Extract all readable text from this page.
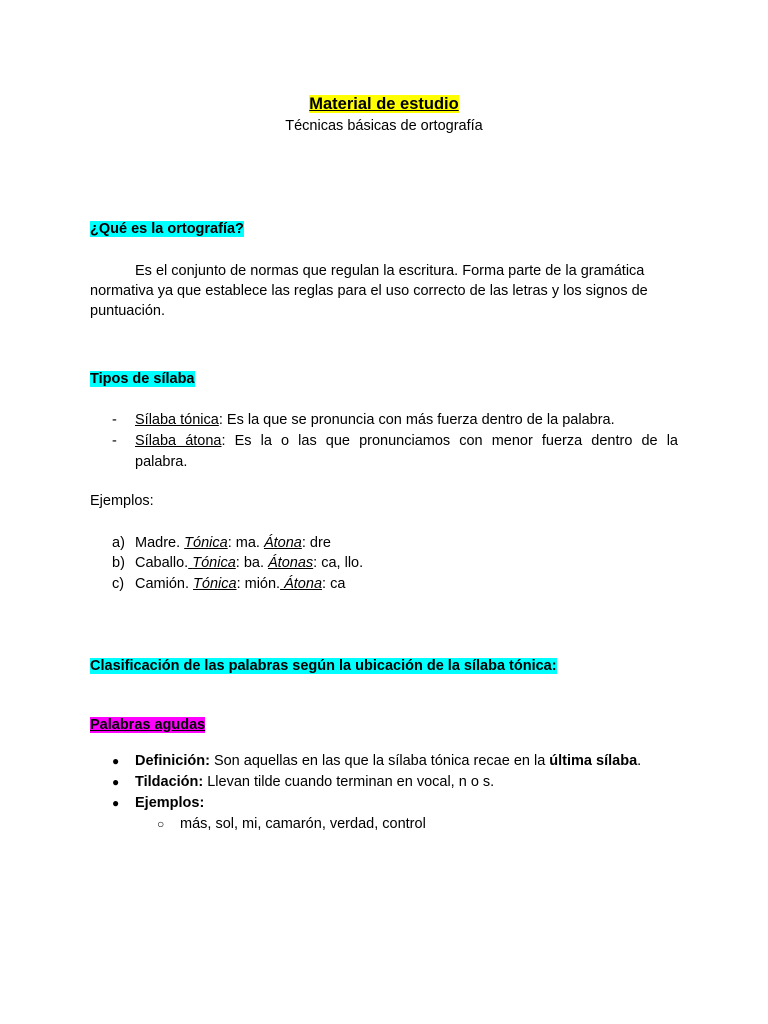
Material de estudio
Técnicas básicas de ortografía
¿Qué es la ortografía?
Es el conjunto de normas que regulan la escritura. Forma parte de la gramática
normativa ya que establece las reglas para el uso correcto de las letras y los signos de
puntuación.
Tipos de sílaba
- Sílaba tónica: Es la que se pronuncia con más fuerza dentro de la palabra.
- Sílaba átona: Es la o las que pronunciamos con menor fuerza dentro de la
palabra.
Ejemplos:
a) Madre. Tónica: ma. Átona: dre
b) Caballo. Tónica: ba. Átonas: ca, llo.
c) Camión. Tónica: mión. Átona: ca
Clasificación de las palabras según la ubicación de la sílaba tónica:
Palabras agudas
● Definición: Son aquellas en las que la sílaba tónica recae en la última sílaba.
● Tildación: Llevan tilde cuando terminan en vocal, n o s.
● Ejemplos:
○ más, sol, mi, camarón, verdad, control
